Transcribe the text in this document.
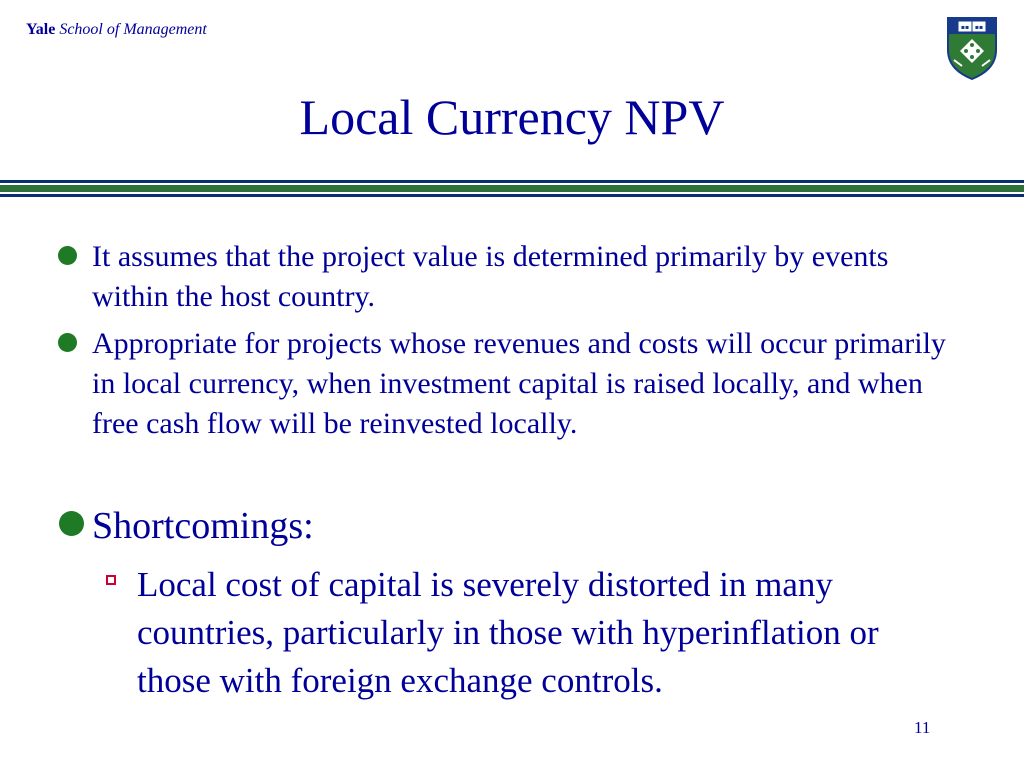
Yale School of Management	▪▪ ▪▪
Local Currency NPV
It assumes that the project value is determined primarily by events within the host country.
Appropriate for projects whose revenues and costs will occur primarily in local currency, when investment capital is raised locally, and when free cash flow will be reinvested locally.
Shortcomings:
Local cost of capital is severely distorted in many countries, particularly in those with hyperinflation or those with foreign exchange controls.
11
